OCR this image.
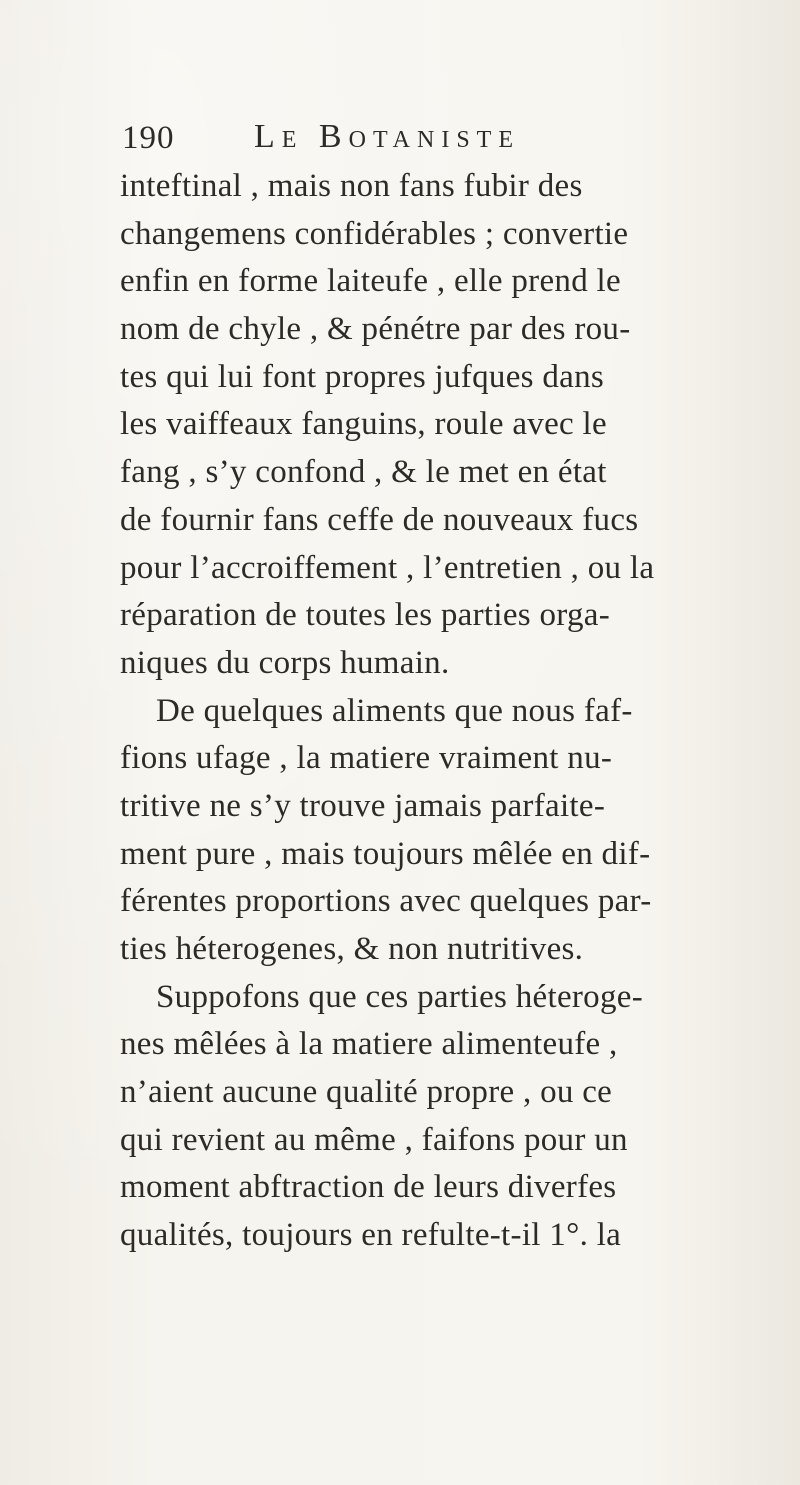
190 Le Botaniste
inteftinal , mais non fans fubir des
changemens confidérables ; convertie
enfin en forme laiteufe , elle prend le
nom de chyle , & pénétre par des rou-
tes qui lui font propres jufques dans
les vaiffeaux fanguins, roule avec le
fang , s’y confond , & le met en état
de fournir fans ceffe de nouveaux fucs
pour l’accroiffement , l’entretien , ou la
réparation de toutes les parties orga-
niques du corps humain.
De quelques aliments que nous faf-
fions ufage , la matiere vraiment nu-
tritive ne s’y trouve jamais parfaite-
ment pure , mais toujours mêlée en dif-
férentes proportions avec quelques par-
ties héterogenes, & non nutritives.
Suppofons que ces parties héteroge-
nes mêlées à la matiere alimenteufe ,
n’aient aucune qualité propre , ou ce
qui revient au même , faifons pour un
moment abftraction de leurs diverfes
qualités, toujours en refulte-t-il 1°. la
